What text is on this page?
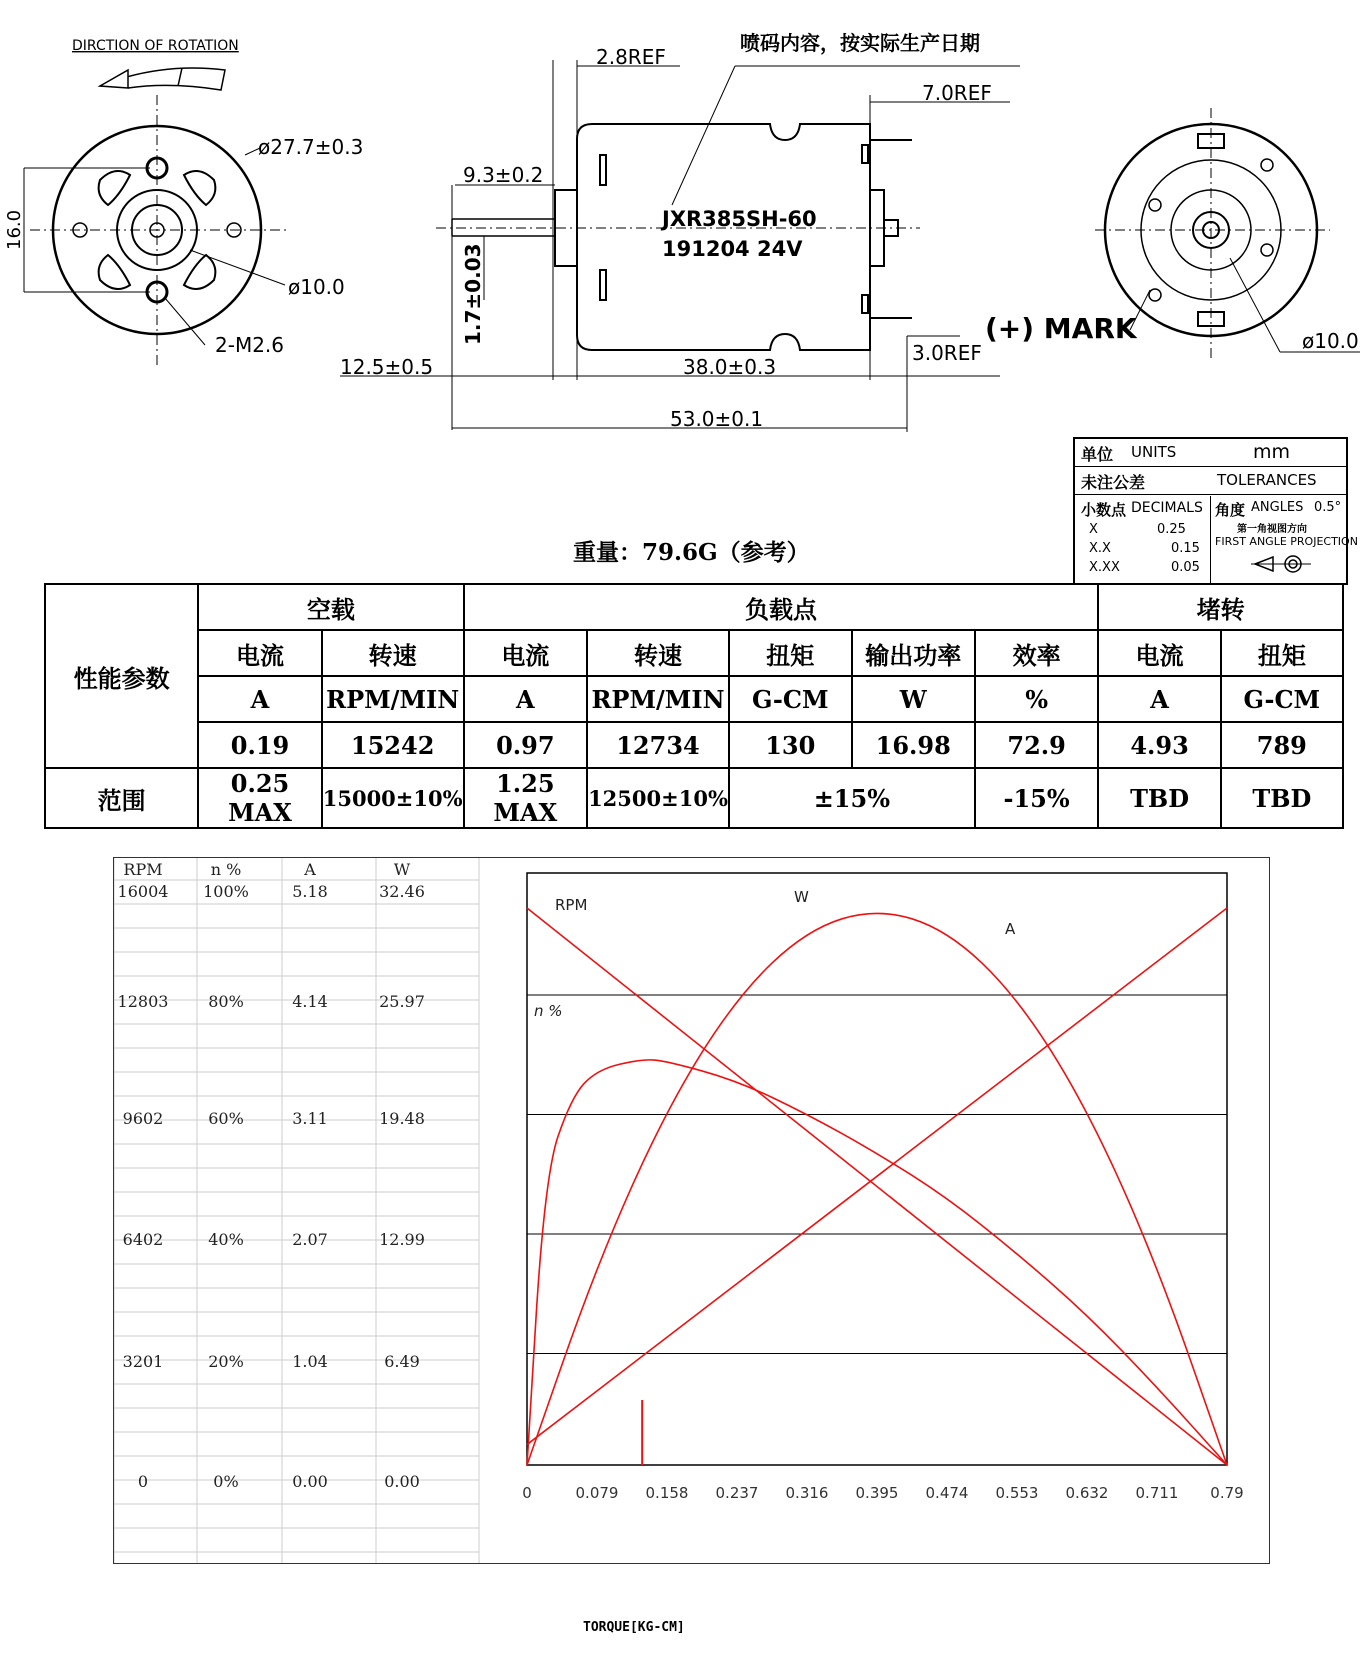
DIRCTION OF ROTATION
ø27.7±0.3
16.0
ø10.0
2-M2.6
2.8REF
喷码内容，按实际生产日期
7.0REF
9.3±0.2
1.7±0.03
JXR385SH-60
191204 24V
12.5±0.5	38.0±0.3
3.0REF
53.0±0.1
(+) MARK	ø10.0
单位 UNITS	mm
未注公差	TOLERANCES
小数点 DECIMALS
X	0.25
X.X	0.15
X.XX	0.05
角度 ANGLES 0.5°
第一角视图方向
FIRST ANGLE PROJECTION
重量：79.6G（参考）
性能参数	空载		负载点					堵转	
	电流	转速	电流	转速	扭矩	输出功率	效率	电流	扭矩
	A	RPM/MIN	A	RPM/MIN	G-CM	W	%	A	G-CM
	0.19	15242	0.97	12734	130	16.98	72.9	4.93	789
范围	0.25 MAX	15000±10%	1.25 MAX	12500±10%	±15%		-15%	TBD	TBD
RPM	n %	A	W
16004	100%	5.18	32.46
12803	80%	4.14	25.97
9602	60%	3.11	19.48
6402	40%	2.07	12.99
3201	20%	1.04	6.49
0	0%	0.00	0.00
0	0.079 0.158 0.237 0.316 0.395 0.474 0.553 0.632 0.711 0.79
RPM
A
W
n %
TORQUE[KG-CM]
